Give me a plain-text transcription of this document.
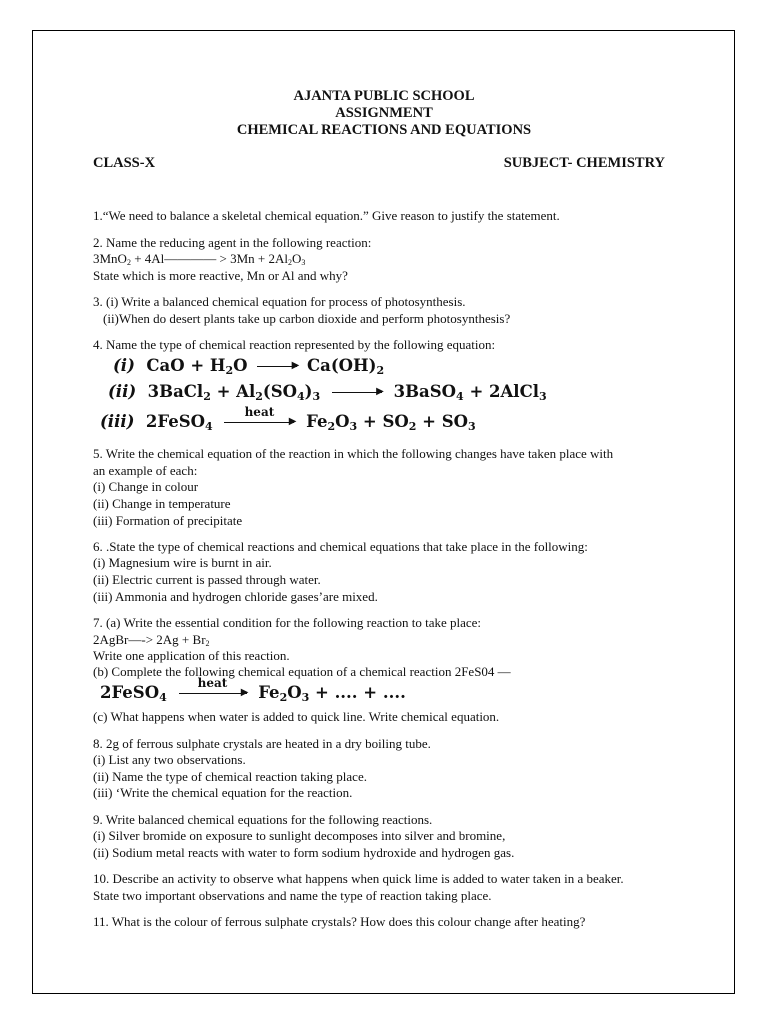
AJANTA PUBLIC SCHOOL
ASSIGNMENT
CHEMICAL REACTIONS AND EQUATIONS
CLASS-X	SUBJECT- CHEMISTRY
1.“We need to balance a skeletal chemical equation.” Give reason to justify the statement.
2. Name the reducing agent in the following reaction:
3MnO$_2$ + 4Al———— > $3Mn + 2Al_2O_3$
State which is more reactive, Mn or Al and why?
3. (i) Write a balanced chemical equation for process of photosynthesis.
(ii)When do desert plants take up carbon dioxide and perform photosynthesis?
4. Name the type of chemical reaction represented by the following equation:
(i) CaO + $H_2O$	▶ $Ca(OH)_2$
(ii) 3BaCl$_2$ + $Al_2(SO_4)_3$	▶ 3BaSO$_4$ + 2AlCl$_3$
(iii) 2FeSO$_4$
heat
▶ $Fe_2O_3 + SO_2 + SO_3$
5. Write the chemical equation of the reaction in which the following changes have taken place with
an example of each:
(i) Change in colour
(ii) Change in temperature
(iii) Formation of precipitate
6. .State the type of chemical reactions and chemical equations that take place in the following:
(i) Magnesium wire is burnt in air.
(ii) Electric current is passed through water.
(iii) Ammonia and hydrogen chloride gases’are mixed.
7. (a) Write the essential condition for the following reaction to take place:
2AgBr—-> $2Ag + Br_2$
Write one application of this reaction.
(b) Complete the following chemical equation of a chemical reaction 2FeS04 —
2FeSO$_4$
heat
▶ $Fe_2O_3$ + .... + ....
(c) What happens when water is added to quick line. Write chemical equation.
8. 2g of ferrous sulphate crystals are heated in a dry boiling tube.
(i) List any two observations.
(ii) Name the type of chemical reaction taking place.
(iii) ‘Write the chemical equation for the reaction.
9. Write balanced chemical equations for the following reactions.
(i) Silver bromide on exposure to sunlight decomposes into silver and bromine,
(ii) Sodium metal reacts with water to form sodium hydroxide and hydrogen gas.
10. Describe an activity to observe what happens when quick lime is added to water taken in a beaker.
State two important observations and name the type of reaction taking place.
11. What is the colour of ferrous sulphate crystals? How does this colour change after heating?
